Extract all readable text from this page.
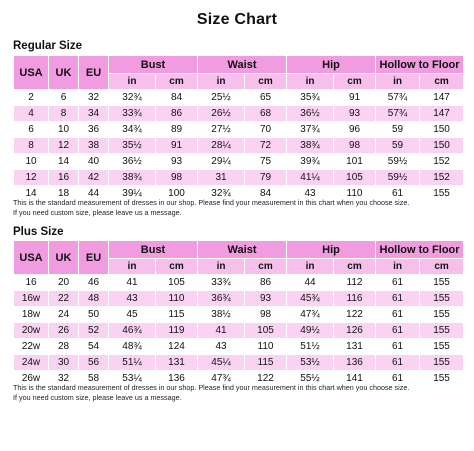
Size Chart
Regular Size
USA	UK	EU	Bust		Waist		Hip		Hollow to Floor	
			in	cm	in	cm	in	cm	in	cm
2	6	32	32¾	84	25½	65	35¾	91	57¾	147
4	8	34	33¾	86	26½	68	36½	93	57¾	147
6	10	36	34¾	89	27½	70	37¾	96	59	150
8	12	38	35½	91	28¼	72	38¾	98	59	150
10	14	40	36½	93	29¼	75	39¾	101	59½	152
12	16	42	38¾	98	31	79	41¼	105	59½	152
14	18	44	39¼	100	32¾	84	43	110	61	155
This is the standard measurement of dresses in our shop. Please find your measurement in this chart when you choose size.
If you need custom size, please leave us a message.
Plus Size
USA	UK	EU	Bust		Waist		Hip		Hollow to Floor	
			in	cm	in	cm	in	cm	in	cm
16	20	46	41	105	33¾	86	44	112	61	155
16w	22	48	43	110	36¾	93	45¾	116	61	155
18w	24	50	45	115	38½	98	47¾	122	61	155
20w	26	52	46¾	119	41	105	49½	126	61	155
22w	28	54	48¾	124	43	110	51½	131	61	155
24w	30	56	51¼	131	45¼	115	53½	136	61	155
26w	32	58	53¼	136	47¾	122	55½	141	61	155
This is the standard measurement of dresses in our shop. Please find your measurement in this chart when you choose size.
If you need custom size, please leave us a message.
